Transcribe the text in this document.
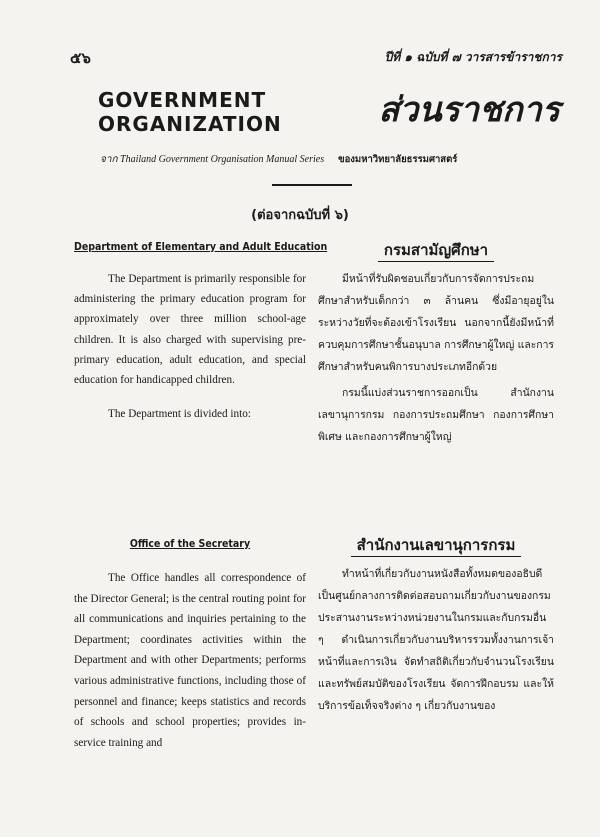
๕๖	ปีที่ ๑ ฉบับที่ ๗ วารสารข้าราชการ
GOVERNMENT
ORGANIZATION	ส่วนราชการ
จาก Thailand Government Organisation Manual Series ของมหาวิทยาลัยธรรมศาสตร์
(ต่อจากฉบับที่ ๖)
Department of Elementary and Adult Education

The Department is primarily responsible for administering the primary education program for approximately over three million school-age children. It is also charged with supervising pre-primary education, adult education, and special education for handicapped children.

The Department is divided into:

กรมสามัญศึกษา

มีหน้าที่รับผิดชอบเกี่ยวกับการจัดการประถมศึกษาสำหรับเด็กกว่า ๓ ล้านคน ซึ่งมีอายุอยู่ในระหว่างวัยที่จะต้องเข้าโรงเรียน นอกจากนี้ยังมีหน้าที่ควบคุมการศึกษาชั้นอนุบาล การศึกษาผู้ใหญ่ และการศึกษาสำหรับคนพิการบางประเภทอีกด้วย

กรมนี้แบ่งส่วนราชการออกเป็น สำนักงานเลขานุการกรม กองการประถมศึกษา กองการศึกษาพิเศษ และกองการศึกษาผู้ใหญ่

Office of the Secretary

The Office handles all correspondence of the Director General; is the central routing point for all communications and inquiries pertaining to the Department; coordinates activities within the Department and with other Departments; performs various administrative functions, including those of personnel and finance; keeps statistics and records of schools and school properties; provides in-service training and

สำนักงานเลขานุการกรม

ทำหน้าที่เกี่ยวกับงานหนังสือทั้งหมดของอธิบดี เป็นศูนย์กลางการติดต่อสอบถามเกี่ยวกับงานของกรม ประสานงานระหว่างหน่วยงานในกรมและกับกรมอื่น ๆ ดำเนินการเกี่ยวกับงานบริหารรวมทั้งงานการเจ้าหน้าที่และการเงิน จัดทำสถิติเกี่ยวกับจำนวนโรงเรียนและทรัพย์สมบัติของโรงเรียน จัดการฝึกอบรม และให้บริการข้อเท็จจริงต่าง ๆ เกี่ยวกับงานของ
